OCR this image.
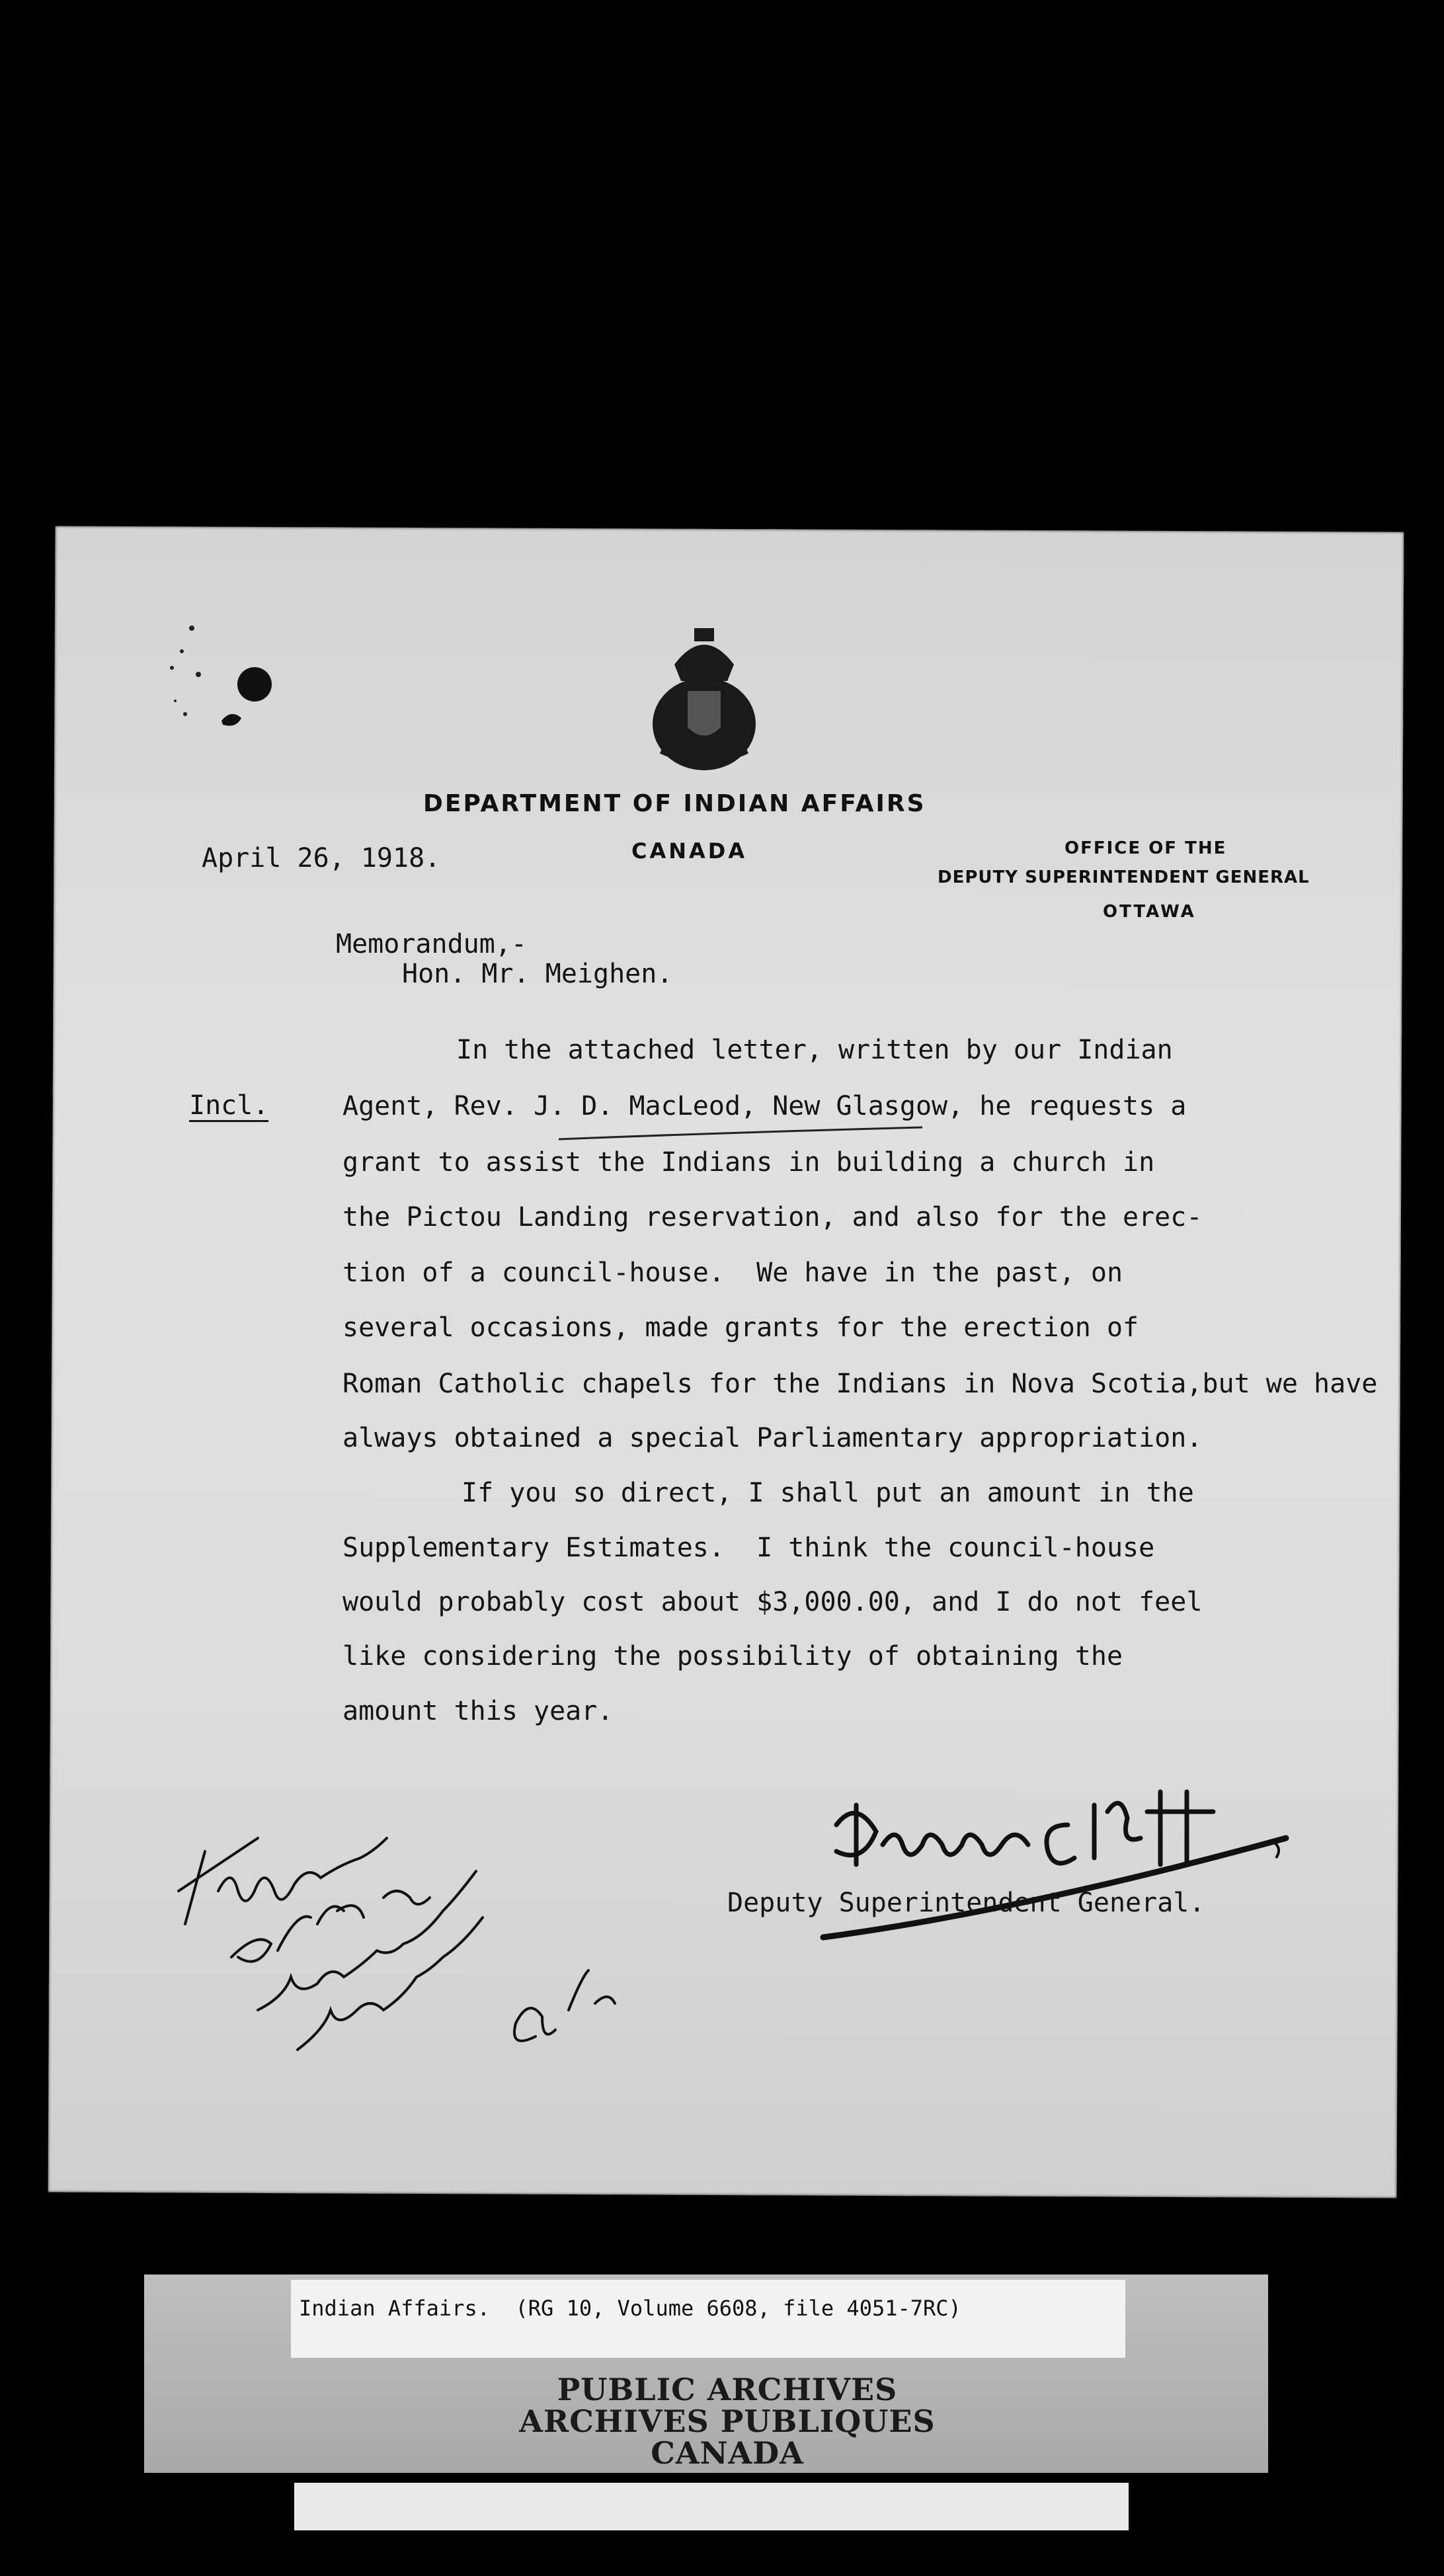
DEPARTMENT OF INDIAN AFFAIRS
CANADA	OFFICE OF THE
DEPUTY SUPERINTENDENT GENERAL
OTTAWA
April 26, 1918.
Memorandum,-
Hon. Mr. Meighen.
Incl.
In the attached letter, written by our Indian
Agent, Rev. J. D. MacLeod, New Glasgow, he requests a
grant to assist the Indians in building a church in
the Pictou Landing reservation, and also for the erec-
tion of a council-house.  We have in the past, on
several occasions, made grants for the erection of
Roman Catholic chapels for the Indians in Nova Scotia,but we have
always obtained a special Parliamentary appropriation.
If you so direct, I shall put an amount in the
Supplementary Estimates.  I think the council-house
would probably cost about $3,000.00, and I do not feel
like considering the possibility of obtaining the
amount this year.
Deputy Superintendent General.
Indian Affairs.  (RG 10, Volume 6608, file 4051-7RC)
PUBLIC ARCHIVES
ARCHIVES PUBLIQUES
CANADA
